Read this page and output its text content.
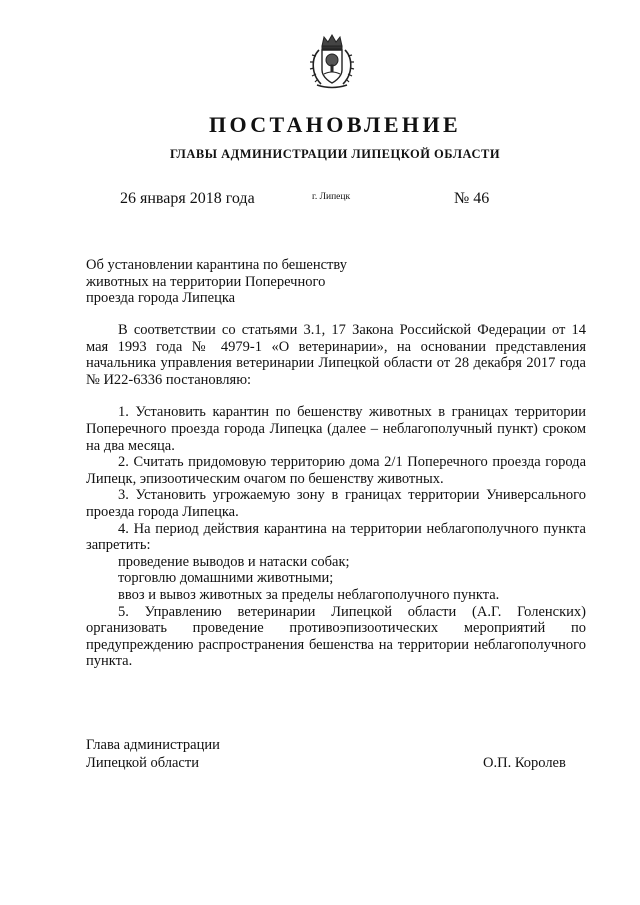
ПОСТАНОВЛЕНИЕ
ГЛАВЫ АДМИНИСТРАЦИИ ЛИПЕЦКОЙ ОБЛАСТИ
26 января 2018 года	г. Липецк	№ 46
Об установлении карантина по бешенству
животных на территории Поперечного
проезда города Липецка

В соответствии со статьями 3.1, 17 Закона Российской Федерации от 14 мая 1993 года № 4979-1 «О ветеринарии», на основании представления начальника управления ветеринарии Липецкой области от 28 декабря 2017 года № И22-6336 постановляю:

1. Установить карантин по бешенству животных в границах территории Поперечного проезда города Липецка (далее – неблагополучный пункт) сроком на два месяца.

2. Считать придомовую территорию дома 2/1 Поперечного проезда города Липецк, эпизоотическим очагом по бешенству животных.

3. Установить угрожаемую зону в границах территории Универсального проезда города Липецка.

4. На период действия карантина на территории неблагополучного пункта запретить:

проведение выводов и натаски собак;

торговлю домашними животными;

ввоз и вывоз животных за пределы неблагополучного пункта.

5. Управлению ветеринарии Липецкой области (А.Г. Голенских) организовать проведение противоэпизоотических мероприятий по предупреждению распространения бешенства на территории неблагополучного пункта.

Глава администрации
Липецкой области	О.П. Королев
